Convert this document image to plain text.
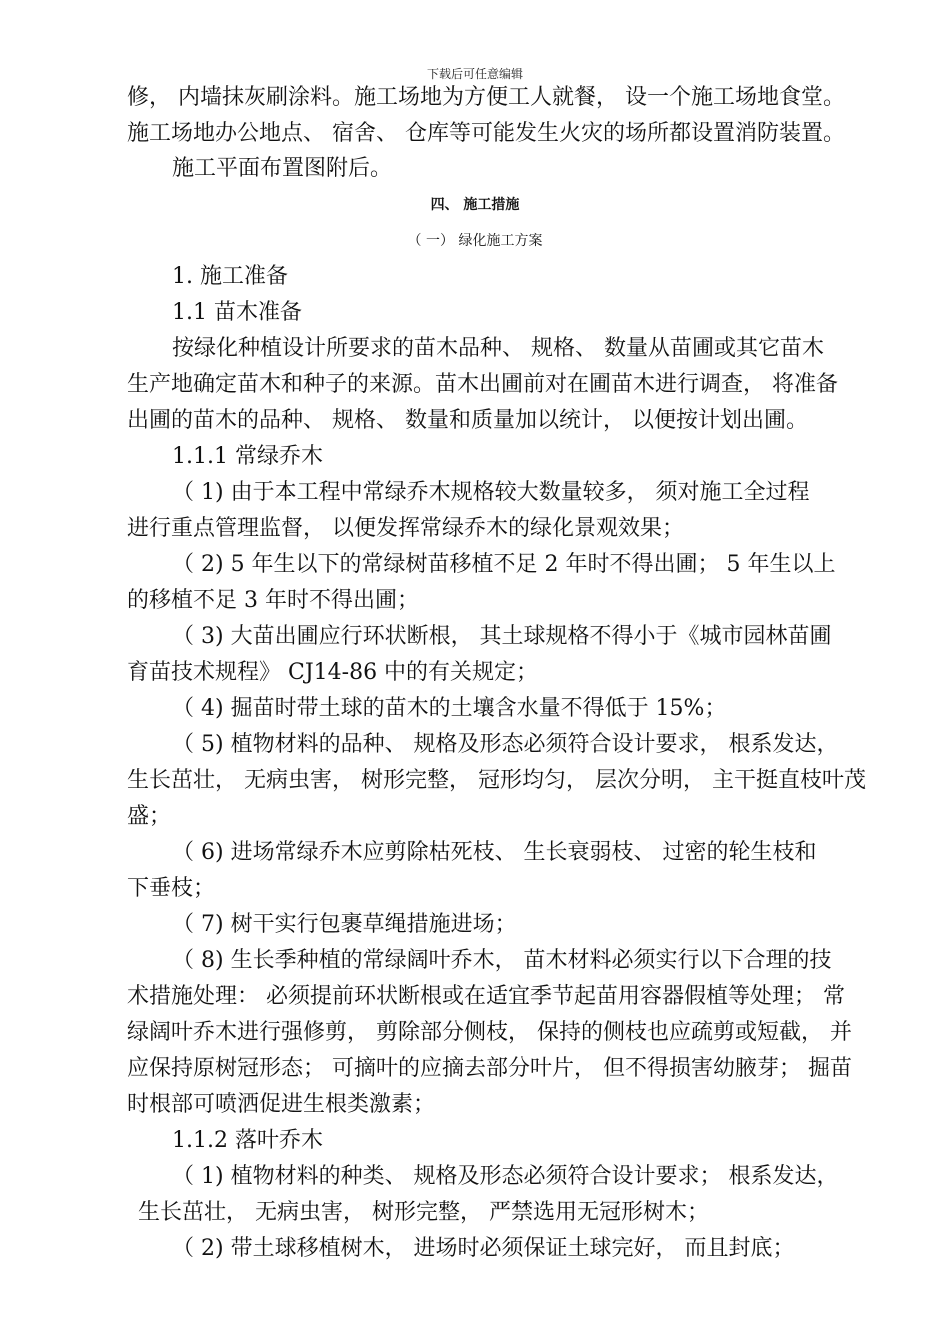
下载后可任意编辑
修， 内墙抹灰刷涂料。施工场地为方便工人就餐， 设一个施工场地食堂。
施工场地办公地点、 宿舍、 仓库等可能发生火灾的场所都设置消防装置。
施工平面布置图附后。
四、 施工措施
（ 一） 绿化施工方案
1. 施工准备
1.1 苗木准备
按绿化种植设计所要求的苗木品种、 规格、 数量从苗圃或其它苗木
生产地确定苗木和种子的来源。苗木出圃前对在圃苗木进行调查， 将准备
出圃的苗木的品种、 规格、 数量和质量加以统计， 以便按计划出圃。
1.1.1 常绿乔木
（ 1) 由于本工程中常绿乔木规格较大数量较多， 须对施工全过程
进行重点管理监督， 以便发挥常绿乔木的绿化景观效果；
（ 2) 5 年生以下的常绿树苗移植不足 2 年时不得出圃； 5 年生以上
的移植不足 3 年时不得出圃；
（ 3) 大苗出圃应行环状断根， 其土球规格不得小于《城市园林苗圃
育苗技术规程》 CJ14-86 中的有关规定；
（ 4) 掘苗时带土球的苗木的土壤含水量不得低于 15%；
（ 5) 植物材料的品种、 规格及形态必须符合设计要求， 根系发达，
生长茁壮， 无病虫害， 树形完整， 冠形均匀， 层次分明， 主干挺直枝叶茂
盛；
（ 6) 进场常绿乔木应剪除枯死枝、 生长衰弱枝、 过密的轮生枝和
下垂枝；
（ 7) 树干实行包裹草绳措施进场；
（ 8) 生长季种植的常绿阔叶乔木， 苗木材料必须实行以下合理的技
术措施处理： 必须提前环状断根或在适宜季节起苗用容器假植等处理； 常
绿阔叶乔木进行强修剪， 剪除部分侧枝， 保持的侧枝也应疏剪或短截， 并
应保持原树冠形态； 可摘叶的应摘去部分叶片， 但不得损害幼腋芽； 掘苗
时根部可喷洒促进生根类激素；
1.1.2 落叶乔木
（ 1) 植物材料的种类、 规格及形态必须符合设计要求； 根系发达，
生长茁壮， 无病虫害， 树形完整， 严禁选用无冠形树木；
（ 2) 带土球移植树木， 进场时必须保证土球完好， 而且封底；
